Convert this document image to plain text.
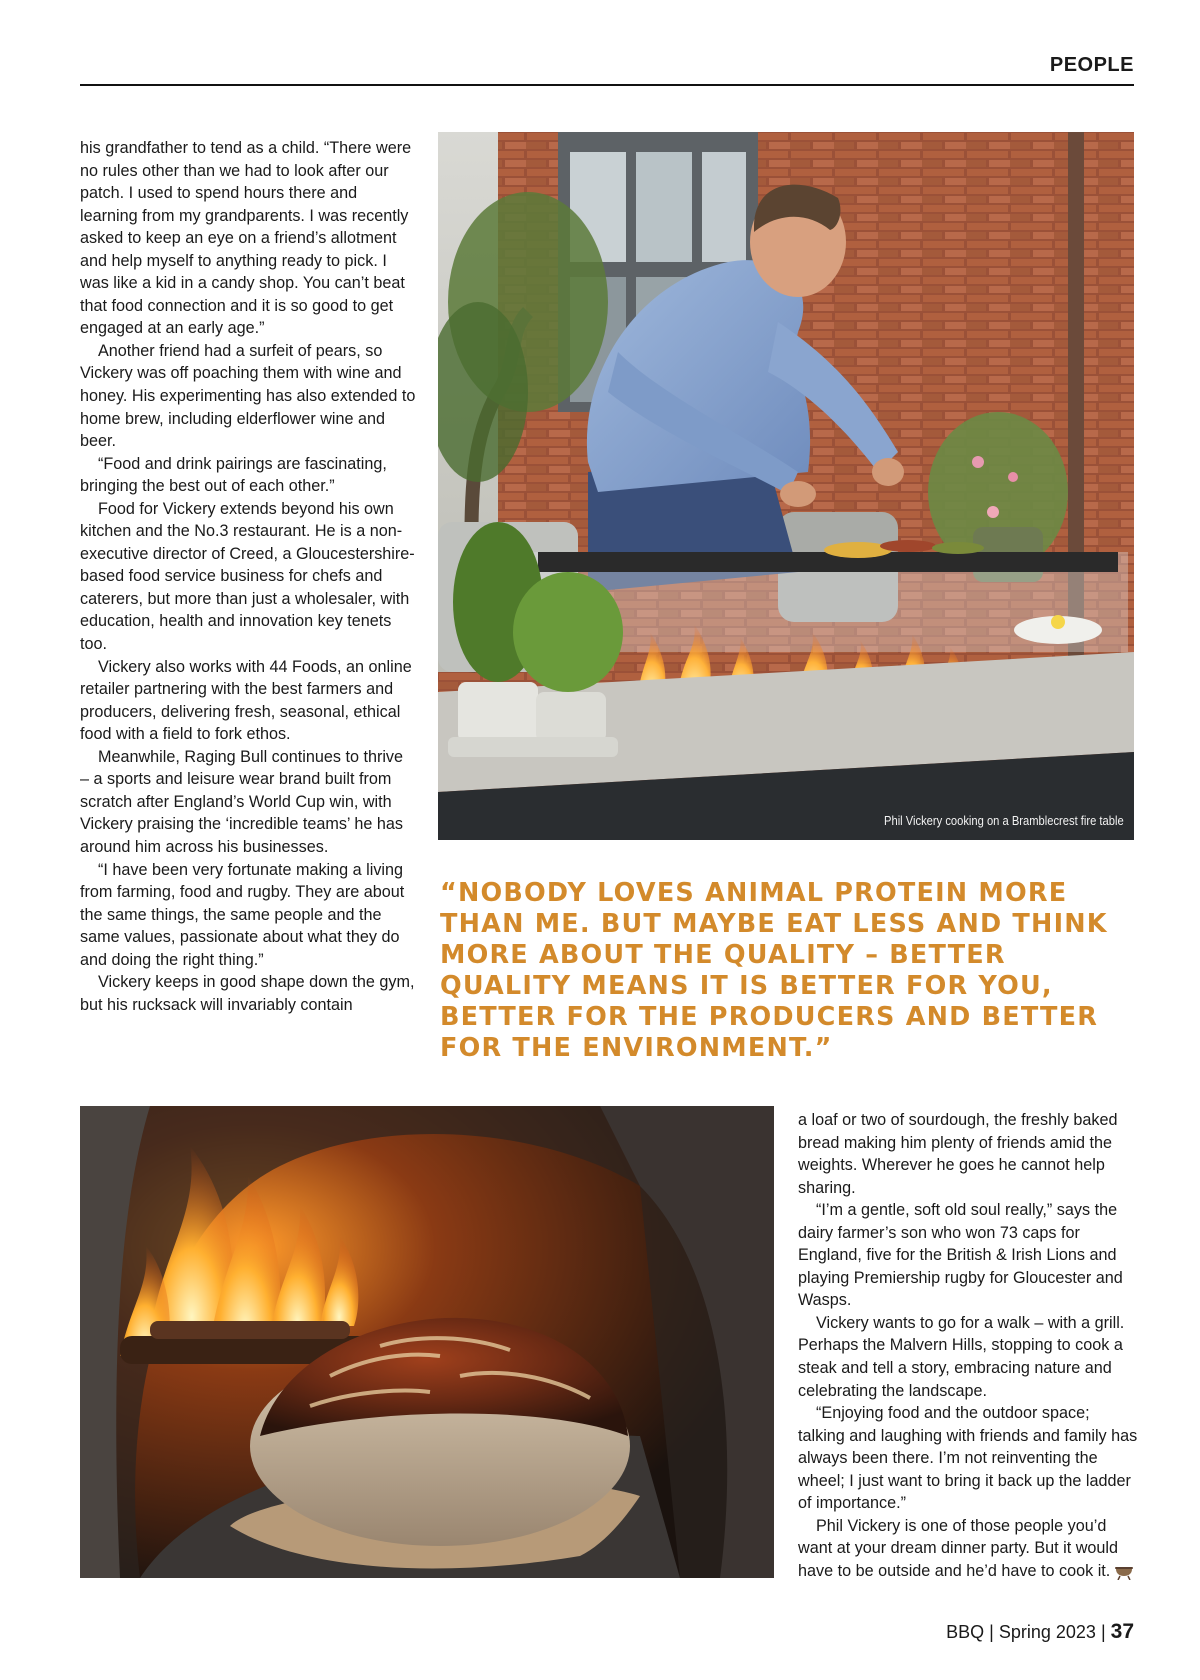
PEOPLE

his grandfather to tend as a child. “There were no rules other than we had to look after our patch. I used to spend hours there and learning from my grandparents. I was recently asked to keep an eye on a friend’s allotment and help myself to anything ready to pick. I was like a kid in a candy shop. You can’t beat that food connection and it is so good to get engaged at an early age.”

Another friend had a surfeit of pears, so Vickery was off poaching them with wine and honey. His experimenting has also extended to home brew, including elderflower wine and beer.

“Food and drink pairings are fascinating, bringing the best out of each other.”

Food for Vickery extends beyond his own kitchen and the No.3 restaurant. He is a non-executive director of Creed, a Gloucestershire-based food service business for chefs and caterers, but more than just a wholesaler, with education, health and innovation key tenets too.

Vickery also works with 44 Foods, an online retailer partnering with the best farmers and producers, delivering fresh, seasonal, ethical food with a field to fork ethos.

Meanwhile, Raging Bull continues to thrive – a sports and leisure wear brand built from scratch after England’s World Cup win, with Vickery praising the ‘incredible teams’ he has around him across his businesses.

“I have been very fortunate making a living from farming, food and rugby. They are about the same things, the same people and the same values, passionate about what they do and doing the right thing.”

Vickery keeps in good shape down the gym, but his rucksack will invariably contain

Phil Vickery cooking on a Bramblecrest fire table
“NOBODY LOVES ANIMAL PROTEIN MORE THAN ME. BUT MAYBE EAT LESS AND THINK MORE ABOUT THE QUALITY – BETTER QUALITY MEANS IT IS BETTER FOR YOU, BETTER FOR THE PRODUCERS AND BETTER FOR THE ENVIRONMENT.”

a loaf or two of sourdough, the freshly baked bread making him plenty of friends amid the weights. Wherever he goes he cannot help sharing.

“I’m a gentle, soft old soul really,” says the dairy farmer’s son who won 73 caps for England, five for the British & Irish Lions and playing Premiership rugby for Gloucester and Wasps.

Vickery wants to go for a walk – with a grill. Perhaps the Malvern Hills, stopping to cook a steak and tell a story, embracing nature and celebrating the landscape.

“Enjoying food and the outdoor space; talking and laughing with friends and family has always been there. I’m not reinventing the wheel; I just want to bring it back up the ladder of importance.”

Phil Vickery is one of those people you’d want at your dream dinner party. But it would have to be outside and he’d have to cook it.

BBQ | Spring 2023 | 37
